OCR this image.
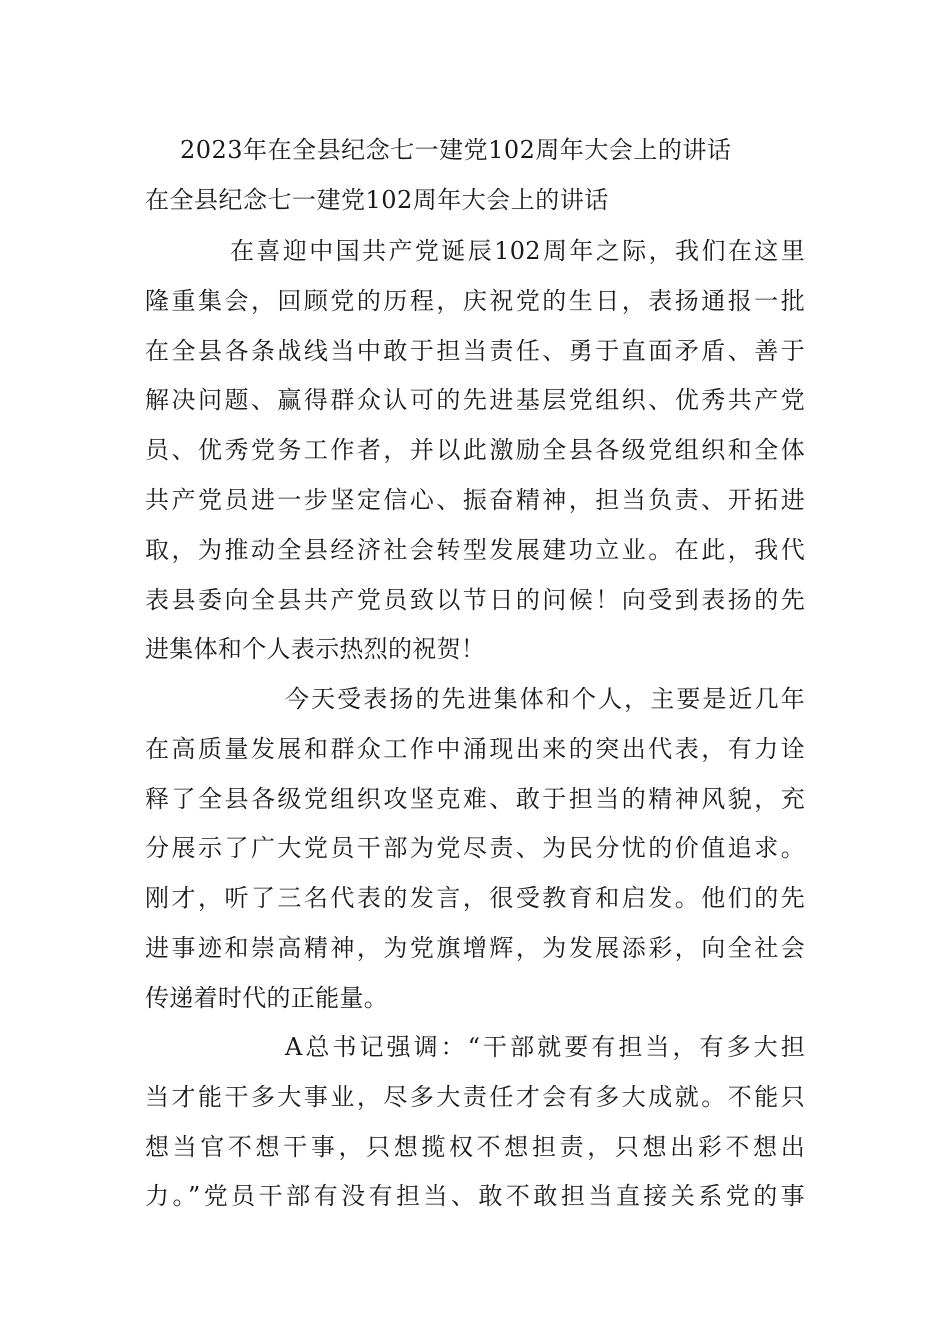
2023年在全县纪念七一建党102周年大会上的讲话
在全县纪念七一建党102周年大会上的讲话
在喜迎中国共产党诞辰102周年之际，我们在这里
隆重集会，回顾党的历程，庆祝党的生日，表扬通报一批
在全县各条战线当中敢于担当责任、勇于直面矛盾、善于
解决问题、赢得群众认可的先进基层党组织、优秀共产党
员、优秀党务工作者，并以此激励全县各级党组织和全体
共产党员进一步坚定信心、振奋精神，担当负责、开拓进
取，为推动全县经济社会转型发展建功立业。在此，我代
表县委向全县共产党员致以节日的问候！向受到表扬的先
进集体和个人表示热烈的祝贺！
今天受表扬的先进集体和个人，主要是近几年
在高质量发展和群众工作中涌现出来的突出代表，有力诠
释了全县各级党组织攻坚克难、敢于担当的精神风貌，充
分展示了广大党员干部为党尽责、为民分忧的价值追求。
刚才，听了三名代表的发言，很受教育和启发。他们的先
进事迹和崇高精神，为党旗增辉，为发展添彩，向全社会
传递着时代的正能量。
A总书记强调：“干部就要有担当，有多大担
当才能干多大事业，尽多大责任才会有多大成就。不能只
想当官不想干事，只想揽权不想担责，只想出彩不想出
力。”党员干部有没有担当、敢不敢担当直接关系党的事
